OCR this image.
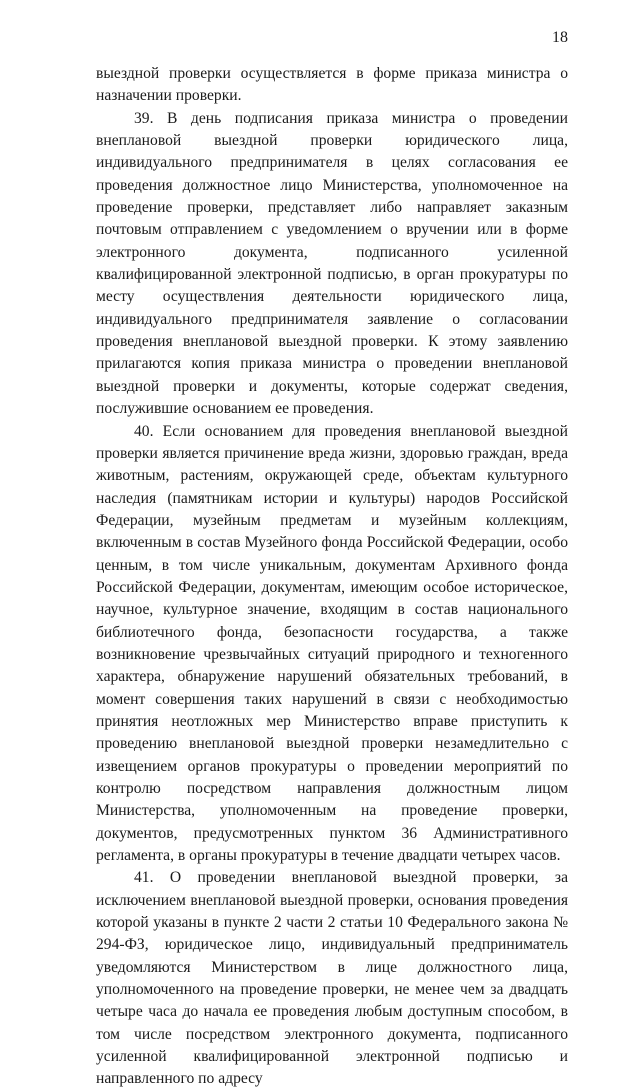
18

выездной проверки осуществляется в форме приказа министра о назначении проверки.

39. В день подписания приказа министра о проведении внеплановой выездной проверки юридического лица, индивидуального предпринимателя в целях согласования ее проведения должностное лицо Министерства, уполномоченное на проведение проверки, представляет либо направляет заказным почтовым отправлением с уведомлением о вручении или в форме электронного документа, подписанного усиленной квалифицированной электронной подписью, в орган прокуратуры по месту осуществления деятельности юридического лица, индивидуального предпринимателя заявление о согласовании проведения внеплановой выездной проверки. К этому заявлению прилагаются копия приказа министра о проведении внеплановой выездной проверки и документы, которые содержат сведения, послужившие основанием ее проведения.

40. Если основанием для проведения внеплановой выездной проверки является причинение вреда жизни, здоровью граждан, вреда животным, растениям, окружающей среде, объектам культурного наследия (памятникам истории и культуры) народов Российской Федерации, музейным предметам и музейным коллекциям, включенным в состав Музейного фонда Российской Федерации, особо ценным, в том числе уникальным, документам Архивного фонда Российской Федерации, документам, имеющим особое историческое, научное, культурное значение, входящим в состав национального библиотечного фонда, безопасности государства, а также возникновение чрезвычайных ситуаций природного и техногенного характера, обнаружение нарушений обязательных требований, в момент совершения таких нарушений в связи с необходимостью принятия неотложных мер Министерство вправе приступить к проведению внеплановой выездной проверки незамедлительно с извещением органов прокуратуры о проведении мероприятий по контролю посредством направления должностным лицом Министерства, уполномоченным на проведение проверки, документов, предусмотренных пунктом 36 Административного регламента, в органы прокуратуры в течение двадцати четырех часов.

41. О проведении внеплановой выездной проверки, за исключением внеплановой выездной проверки, основания проведения которой указаны в пункте 2 части 2 статьи 10 Федерального закона № 294-ФЗ, юридическое лицо, индивидуальный предприниматель уведомляются Министерством в лице должностного лица, уполномоченного на проведение проверки, не менее чем за двадцать четыре часа до начала ее проведения любым доступным способом, в том числе посредством электронного документа, подписанного усиленной квалифицированной электронной подписью и направленного по адресу
